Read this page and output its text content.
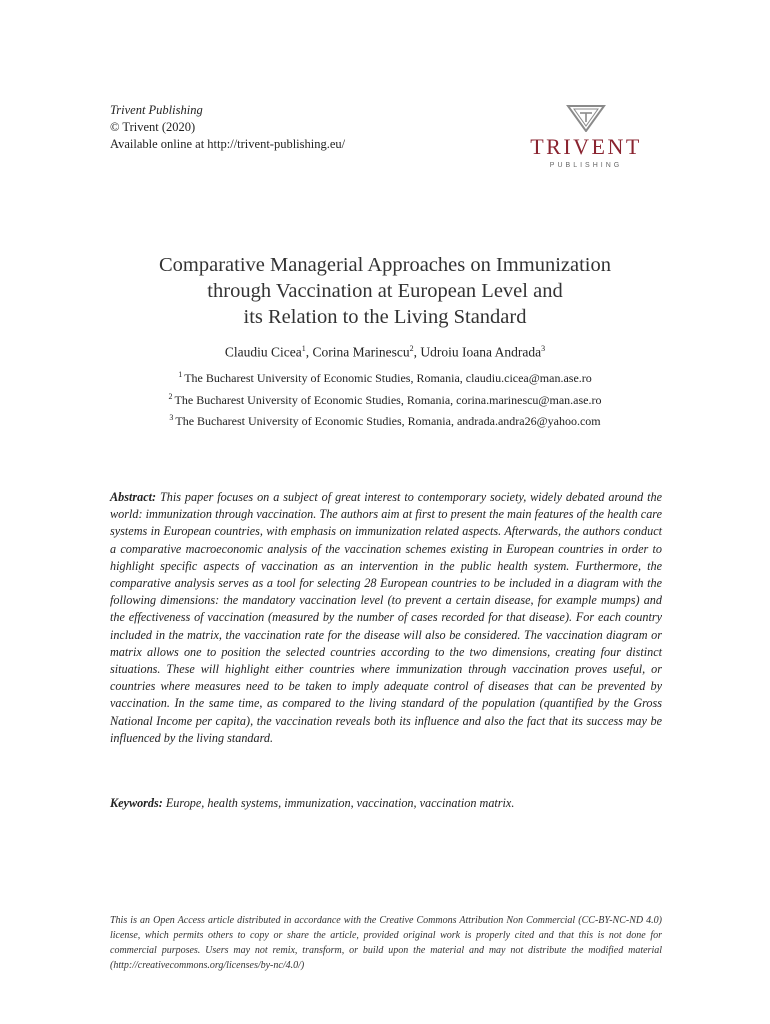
Trivent Publishing
© Trivent (2020)
Available online at http://trivent-publishing.eu/	TRIVENT
PUBLISHING
Comparative Managerial Approaches on Immunization
through Vaccination at European Level and
its Relation to the Living Standard
Claudiu Cicea$^1$, Corina Marinescu$^2$, Udroiu Ioana Andrada$^3$
$^1$ The Bucharest University of Economic Studies, Romania, claudiu.cicea@man.ase.ro
$^2$ The Bucharest University of Economic Studies, Romania, corina.marinescu@man.ase.ro
$^3$ The Bucharest University of Economic Studies, Romania, andrada.andra26@yahoo.com
Abstract: This paper focuses on a subject of great interest to contemporary society, widely debated around the world: immunization through vaccination. The authors aim at first to present the main features of the health care systems in European countries, with emphasis on immunization related aspects. Afterwards, the authors conduct a comparative macroeconomic analysis of the vaccination schemes existing in European countries in order to highlight specific aspects of vaccination as an intervention in the public health system. Furthermore, the comparative analysis serves as a tool for selecting 28 European countries to be included in a diagram with the following dimensions: the mandatory vaccination level (to prevent a certain disease, for example mumps) and the effectiveness of vaccination (measured by the number of cases recorded for that disease). For each country included in the matrix, the vaccination rate for the disease will also be considered. The vaccination diagram or matrix allows one to position the selected countries according to the two dimensions, creating four distinct situations. These will highlight either countries where immunization through vaccination proves useful, or countries where measures need to be taken to imply adequate control of diseases that can be prevented by vaccination. In the same time, as compared to the living standard of the population (quantified by the Gross National Income per capita), the vaccination reveals both its influence and also the fact that its success may be influenced by the living standard.
Keywords: Europe, health systems, immunization, vaccination, vaccination matrix.
This is an Open Access article distributed in accordance with the Creative Commons Attribution Non Commercial (CC-BY-NC-ND 4.0) license, which permits others to copy or share the article, provided original work is properly cited and that this is not done for commercial purposes. Users may not remix, transform, or build upon the material and may not distribute the modified material (http://creativecommons.org/licenses/by-nc/4.0/)
